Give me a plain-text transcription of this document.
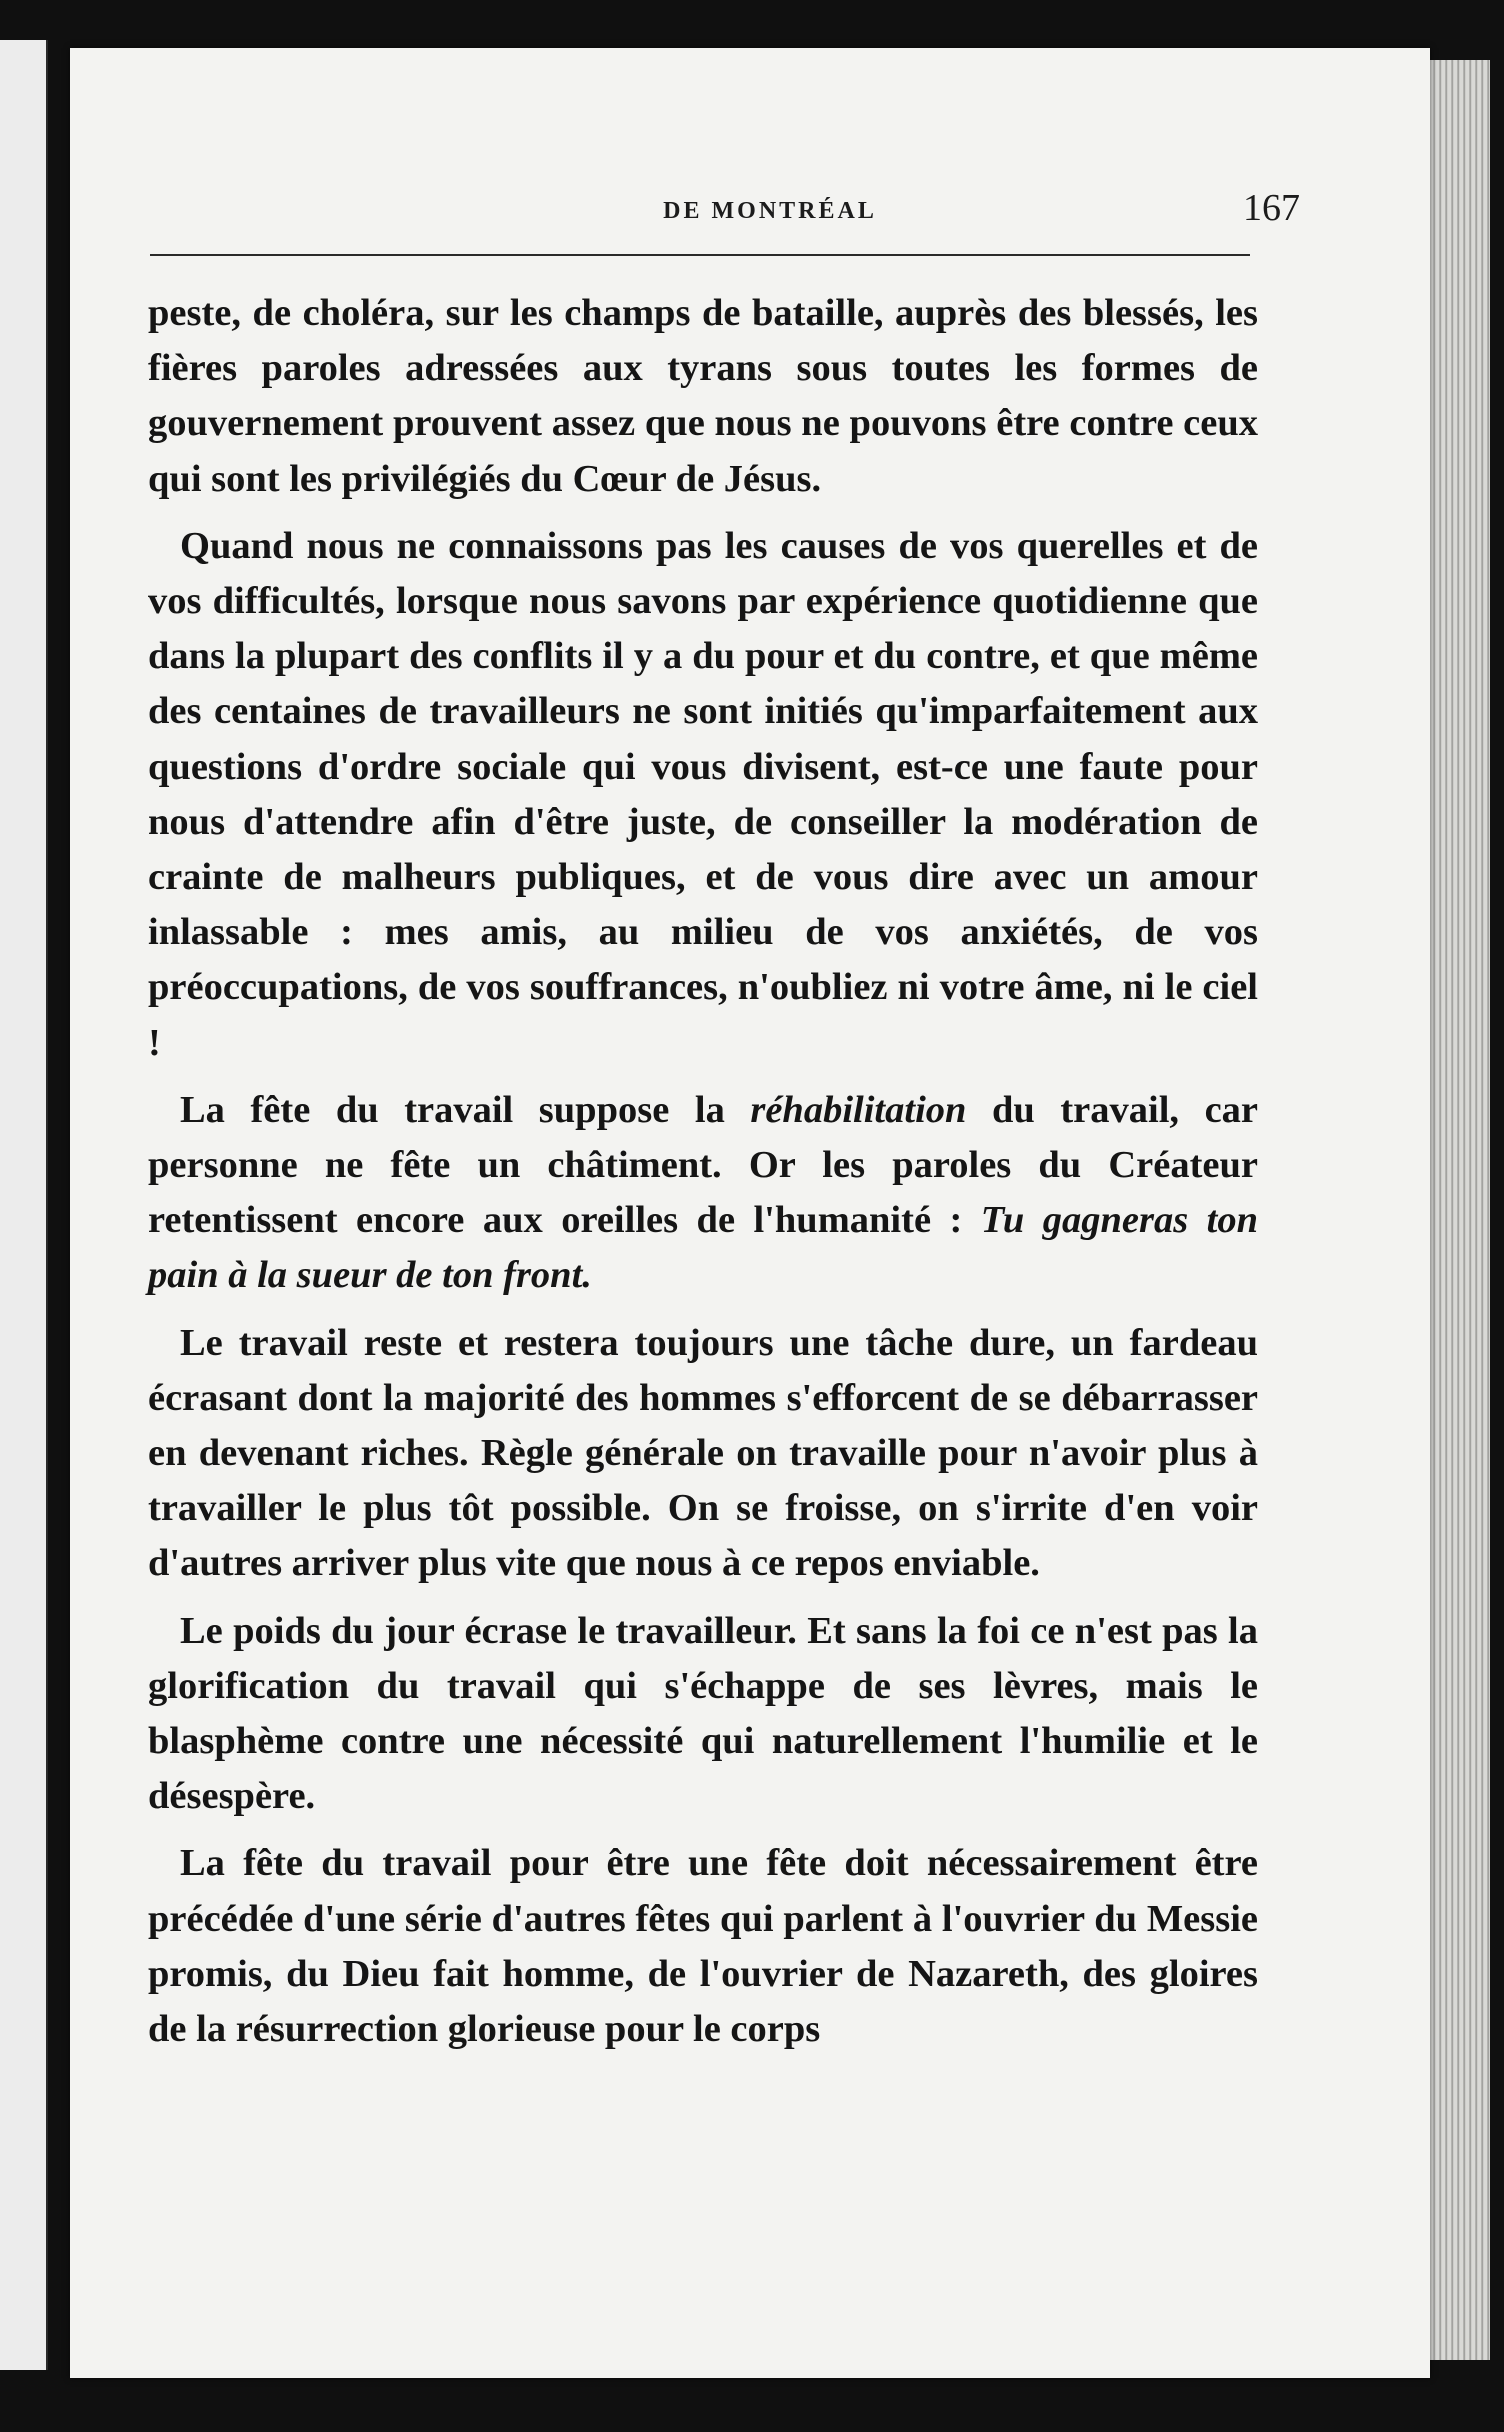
DE MONTRÉAL	167

peste, de choléra, sur les champs de bataille, auprès des blessés, les fières paroles adressées aux tyrans sous toutes les formes de gouvernement prouvent assez que nous ne pouvons être contre ceux qui sont les privilégiés du Cœur de Jésus.

Quand nous ne connaissons pas les causes de vos querelles et de vos difficultés, lorsque nous savons par expérience quotidienne que dans la plupart des conflits il y a du pour et du contre, et que même des centaines de travailleurs ne sont initiés qu'imparfaitement aux questions d'ordre sociale qui vous divisent, est-ce une faute pour nous d'attendre afin d'être juste, de conseiller la modération de crainte de malheurs publiques, et de vous dire avec un amour inlassable : mes amis, au milieu de vos anxiétés, de vos préoccupations, de vos souffrances, n'oubliez ni votre âme, ni le ciel !

La fête du travail suppose la réhabilitation du travail, car personne ne fête un châtiment. Or les paroles du Créateur retentissent encore aux oreilles de l'humanité : Tu gagneras ton pain à la sueur de ton front.

Le travail reste et restera toujours une tâche dure, un fardeau écrasant dont la majorité des hommes s'efforcent de se débarrasser en devenant riches. Règle générale on travaille pour n'avoir plus à travailler le plus tôt possible. On se froisse, on s'irrite d'en voir d'autres arriver plus vite que nous à ce repos enviable.

Le poids du jour écrase le travailleur. Et sans la foi ce n'est pas la glorification du travail qui s'échappe de ses lèvres, mais le blasphème contre une nécessité qui naturellement l'humilie et le désespère.

La fête du travail pour être une fête doit nécessairement être précédée d'une série d'autres fêtes qui parlent à l'ouvrier du Messie promis, du Dieu fait homme, de l'ouvrier de Nazareth, des gloires de la résurrection glorieuse pour le corps
